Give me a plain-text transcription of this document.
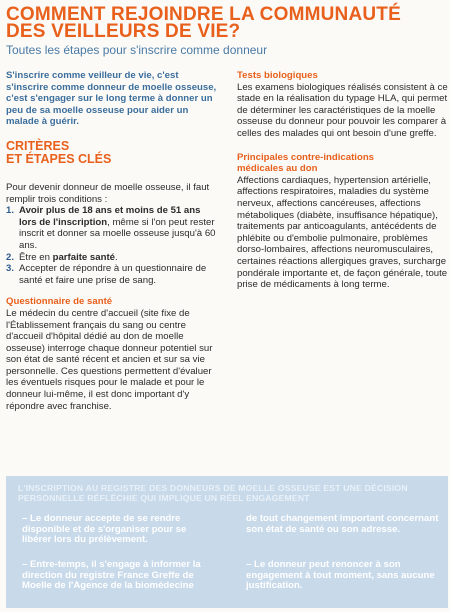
COMMENT REJOINDRE LA COMMUNAUTÉ
DES VEILLEURS DE VIE?
Toutes les étapes pour s'inscrire comme donneur

S'inscrire comme veilleur de vie, c'est s'inscrire comme donneur de moelle osseuse, c'est s'engager sur le long terme à donner un peu de sa moelle osseuse pour aider un malade à guérir.

CRITÈRES
ET ÉTAPES CLÉS

Pour devenir donneur de moelle osseuse, il faut remplir trois conditions :

1. Avoir plus de 18 ans et moins de 51 ans lors de l'inscription, même si l'on peut rester inscrit et donner sa moelle osseuse jusqu'à 60 ans.
2. Être en parfaite santé.
3. Accepter de répondre à un questionnaire de santé et faire une prise de sang.

Questionnaire de santé

Le médecin du centre d'accueil (site fixe de l'Établissement français du sang ou centre d'accueil d'hôpital dédié au don de moelle osseuse) interroge chaque donneur potentiel sur son état de santé récent et ancien et sur sa vie personnelle. Ces questions permettent d'évaluer les éventuels risques pour le malade et pour le donneur lui-même, il est donc important d'y répondre avec franchise.

Tests biologiques

Les examens biologiques réalisés consistent à ce stade en la réalisation du typage HLA, qui permet de déterminer les caractéristiques de la moelle osseuse du donneur pour pouvoir les comparer à celles des malades qui ont besoin d'une greffe.

Principales contre-indications
médicales au don

Affections cardiaques, hypertension artérielle, affections respiratoires, maladies du système nerveux, affections cancéreuses, affections métaboliques (diabète, insuffisance hépatique), traitements par anticoagulants, antécédents de phlébite ou d'embolie pulmonaire, problèmes dorso-lombaires, affections neuromusculaires, certaines réactions allergiques graves, surcharge pondérale importante et, de façon générale, toute prise de médicaments à long terme.

L'INSCRIPTION AU REGISTRE DES DONNEURS DE MOELLE OSSEUSE EST UNE DÉCISION PERSONNELLE RÉFLÉCHIE QUI IMPLIQUE UN RÉEL ENGAGEMENT
– Le donneur accepte de se rendre disponible et de s'organiser pour se libérer lors du prélèvement.
– Entre-temps, il s'engage à informer la direction du registre France Greffe de Moelle de l'Agence de la biomédecine
de tout changement important concernant son état de santé ou son adresse.
– Le donneur peut renoncer à son engagement à tout moment, sans aucune justification.
